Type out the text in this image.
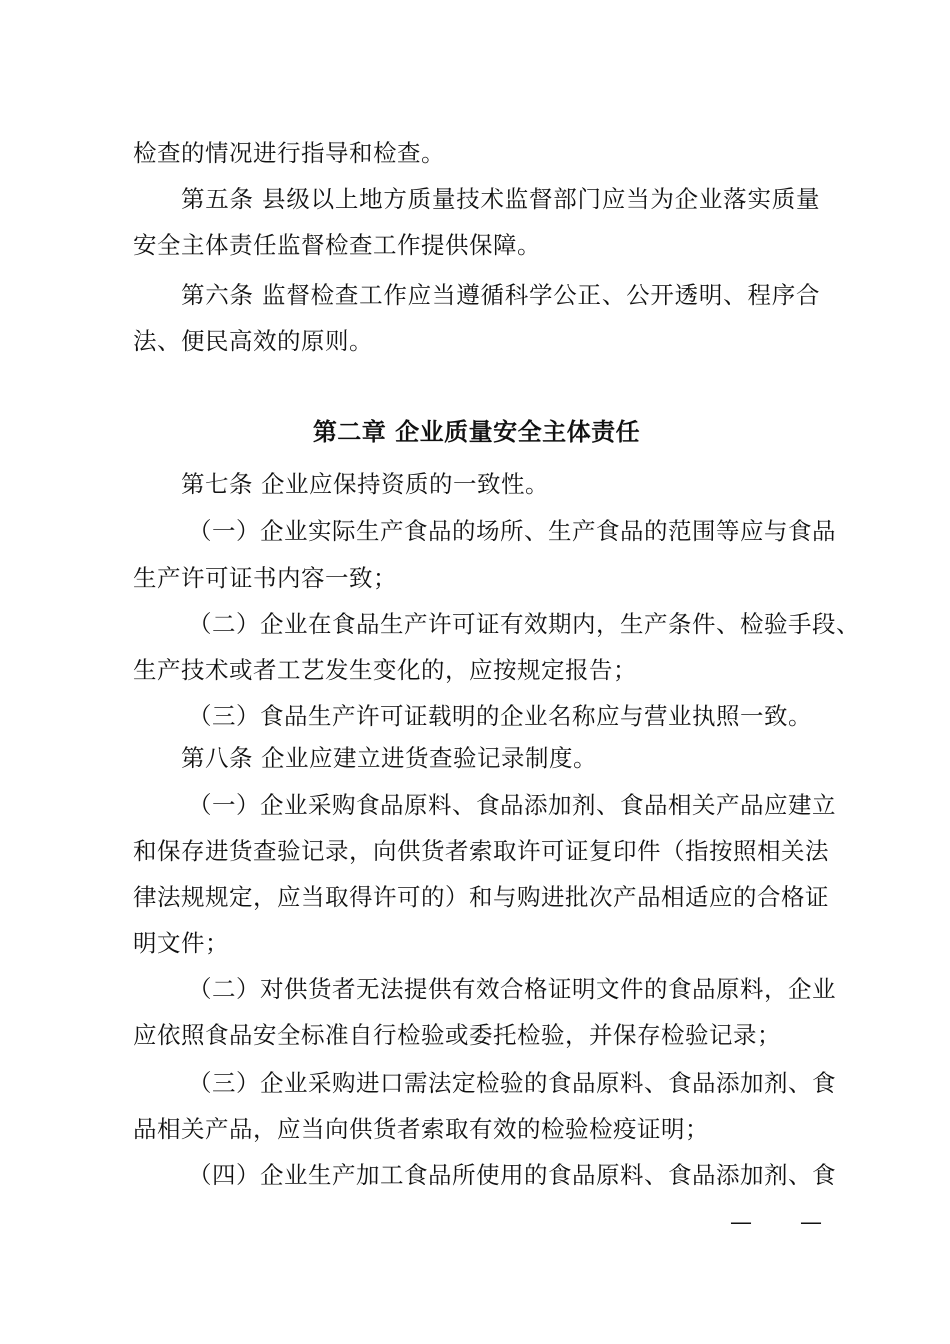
检查的情况进行指导和检查。
第五条 县级以上地方质量技术监督部门应当为企业落实质量
安全主体责任监督检查工作提供保障。
第六条 监督检查工作应当遵循科学公正、公开透明、程序合
法、便民高效的原则。
第二章 企业质量安全主体责任
第七条 企业应保持资质的一致性。
（一）企业实际生产食品的场所、生产食品的范围等应与食品
生产许可证书内容一致；
（二）企业在食品生产许可证有效期内，生产条件、检验手段、
生产技术或者工艺发生变化的，应按规定报告；
（三）食品生产许可证载明的企业名称应与营业执照一致。
第八条 企业应建立进货查验记录制度。
（一）企业采购食品原料、食品添加剂、食品相关产品应建立
和保存进货查验记录，向供货者索取许可证复印件（指按照相关法
律法规规定，应当取得许可的）和与购进批次产品相适应的合格证
明文件；
（二）对供货者无法提供有效合格证明文件的食品原料，企业
应依照食品安全标准自行检验或委托检验，并保存检验记录；
（三）企业采购进口需法定检验的食品原料、食品添加剂、食
品相关产品，应当向供货者索取有效的检验检疫证明；
（四）企业生产加工食品所使用的食品原料、食品添加剂、食
— —
